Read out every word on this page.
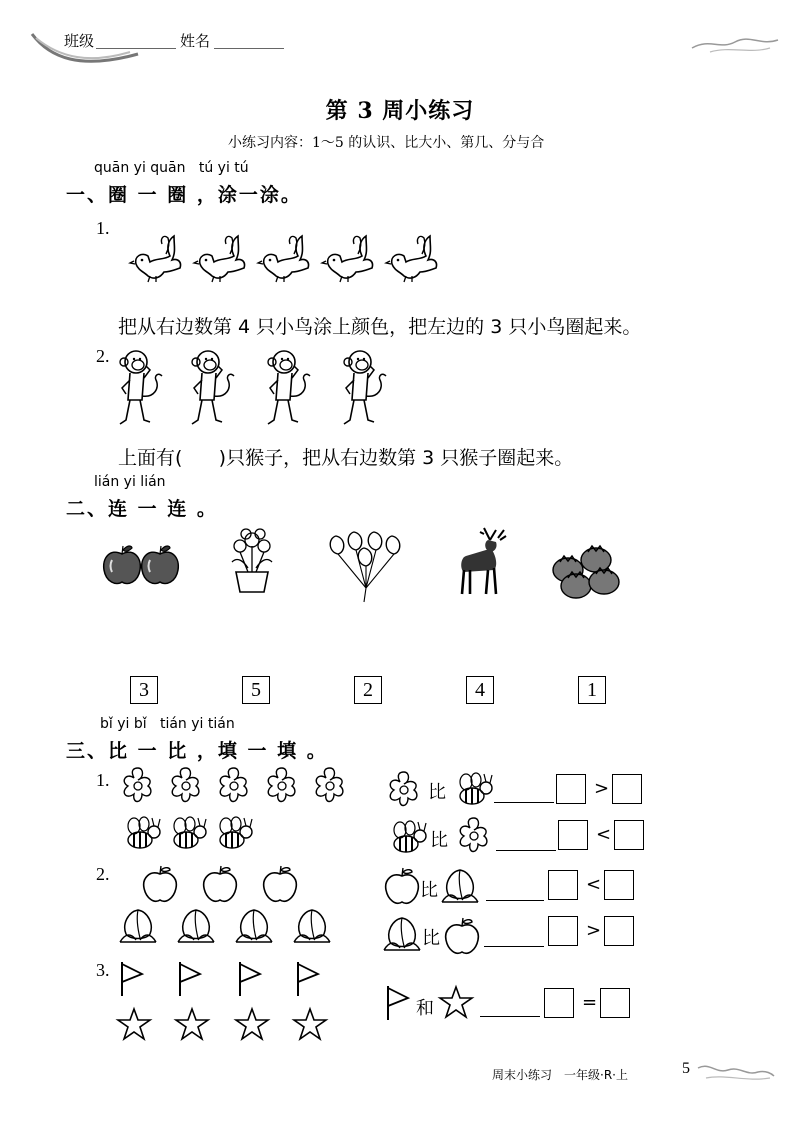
班级	姓名
第 3 周小练习
小练习内容：1～5 的认识、比大小、第几、分与合
quān yi quān   tú yi tú
一、圈 一 圈 ，涂一涂。
1.
把从右边数第 4 只小鸟涂上颜色，把左边的 3 只小鸟圈起来。
2.
上面有(      )只猴子，把从右边数第 3 只猴子圈起来。
lián yi lián
二、连 一 连 。
3	5	2	4	1
bǐ yi bǐ   tián yi tián
三、比 一 比 ，填 一 填 。
1.
比	>
比	<
2.
比	<
比	>
3.
和	=
周末小练习　一年级·R·上	5
